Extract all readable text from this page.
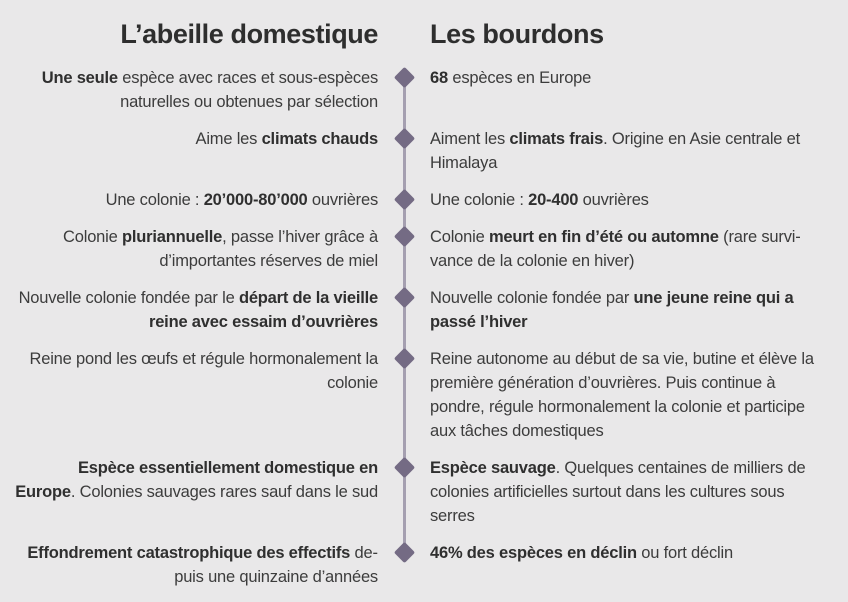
L’abeille domestique Les bourdons

Une seule espèce avec races et sous-espèces naturelles ou obtenues par sélection

68 espèces en Europe

Aime les climats chauds	Aiment les climats frais. Origine en Asie centrale et Himalaya

Une colonie : 20’000-80’000 ouvrières	Une colonie : 20-400 ouvrières

Colonie pluriannuelle, passe l’hiver grâce à d’importantes réserves de miel

Colonie meurt en fin d’été ou automne (rare survivance de la colonie en hiver)

Nouvelle colonie fondée par le départ de la vieille reine avec essaim d’ouvrières

Nouvelle colonie fondée par une jeune reine qui a passé l’hiver

Reine pond les œufs et régule hormonalement la colonie

Reine autonome au début de sa vie, butine et élève la première génération d’ouvrières. Puis continue à pondre, régule hormonalement la colonie et participe aux tâches domestiques

Espèce essentiellement domestique en Europe. Colonies sauvages rares sauf dans le sud

Espèce sauvage. Quelques centaines de milliers de colonies artificielles surtout dans les cultures sous serres

Effondrement catastrophique des effectifs depuis une quinzaine d’années

46% des espèces en déclin ou fort déclin
